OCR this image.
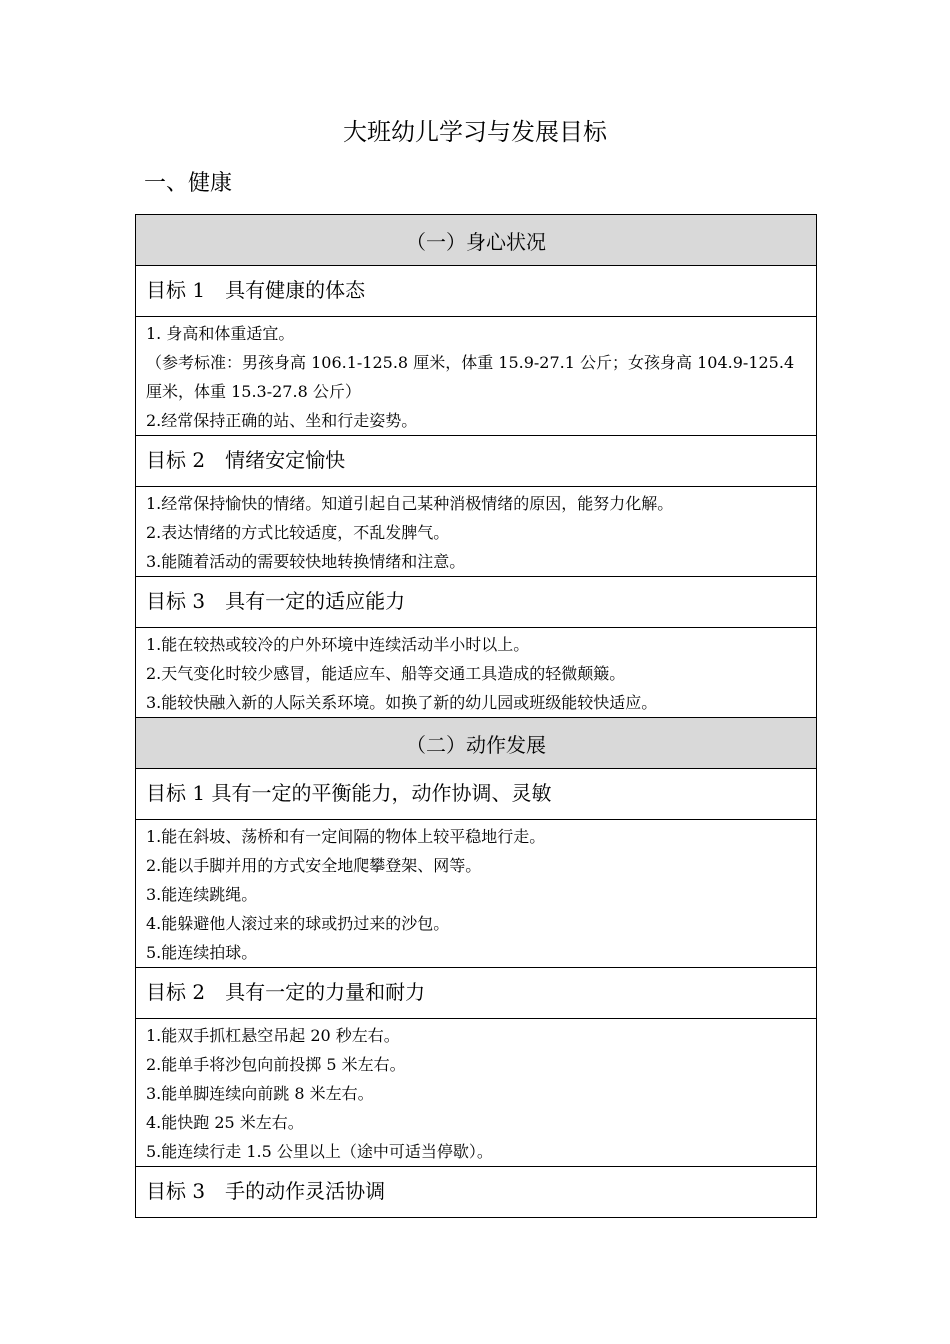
大班幼儿学习与发展目标
一、健康
（一）身心状况
目标 1　具有健康的体态

1. 身高和体重适宜。
（参考标准：男孩身高 106.1-125.8 厘米，体重 15.9-27.1 公斤；女孩身高 104.9-125.4 厘米，体重 15.3-27.8 公斤）
2.经常保持正确的站、坐和行走姿势。

目标 2　情绪安定愉快

1.经常保持愉快的情绪。知道引起自己某种消极情绪的原因，能努力化解。
2.表达情绪的方式比较适度，不乱发脾气。
3.能随着活动的需要较快地转换情绪和注意。

目标 3　具有一定的适应能力

1.能在较热或较冷的户外环境中连续活动半小时以上。
2.天气变化时较少感冒，能适应车、船等交通工具造成的轻微颠簸。
3.能较快融入新的人际关系环境。如换了新的幼儿园或班级能较快适应。

（二）动作发展
目标 1 具有一定的平衡能力，动作协调、灵敏

1.能在斜坡、荡桥和有一定间隔的物体上较平稳地行走。
2.能以手脚并用的方式安全地爬攀登架、网等。
3.能连续跳绳。
4.能躲避他人滚过来的球或扔过来的沙包。
5.能连续拍球。

目标 2　具有一定的力量和耐力

1.能双手抓杠悬空吊起 20 秒左右。
2.能单手将沙包向前投掷 5 米左右。
3.能单脚连续向前跳 8 米左右。
4.能快跑 25 米左右。
5.能连续行走 1.5 公里以上（途中可适当停歇）。

目标 3　手的动作灵活协调
